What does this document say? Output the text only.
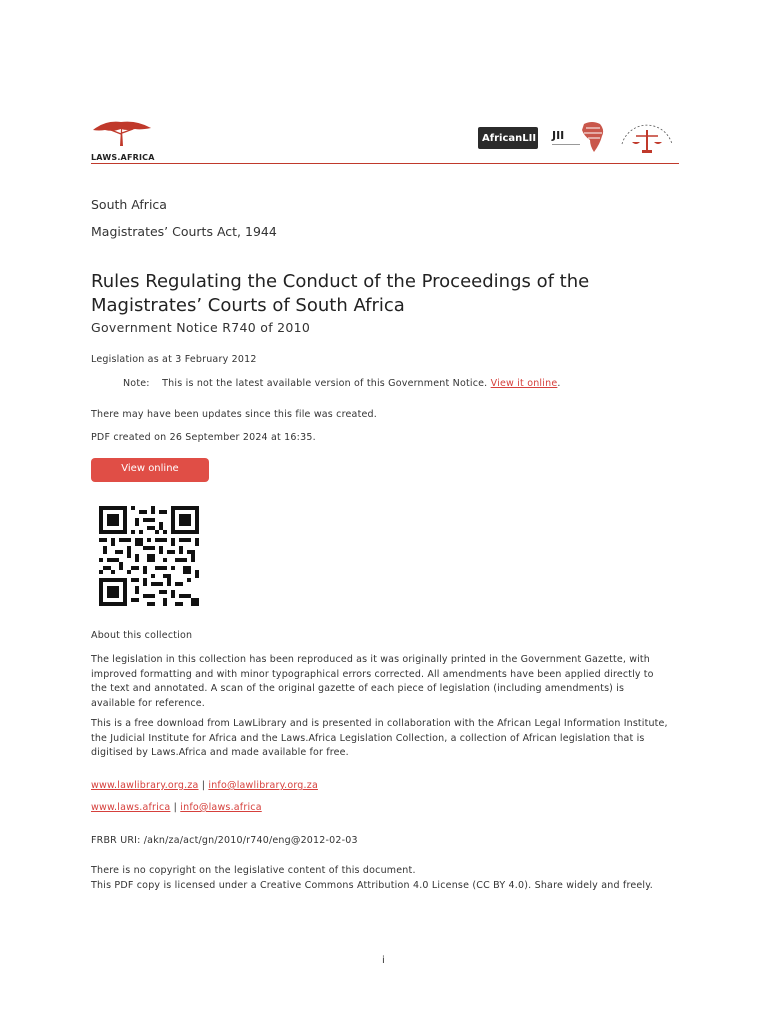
LAWS.AFRICA
AfricanLII JII
South Africa
Magistrates’ Courts Act, 1944
Rules Regulating the Conduct of the Proceedings of the Magistrates’ Courts of South Africa
Government Notice R740 of 2010
Legislation as at 3 February 2012
Note: This is not the latest available version of this Government Notice. View it online.
There may have been updates since this file was created.
PDF created on 26 September 2024 at 16:35.
View online
About this collection
The legislation in this collection has been reproduced as it was originally printed in the Government Gazette, with improved formatting and with minor typographical errors corrected. All amendments have been applied directly to the text and annotated. A scan of the original gazette of each piece of legislation (including amendments) is available for reference.
This is a free download from LawLibrary and is presented in collaboration with the African Legal Information Institute, the Judicial Institute for Africa and the Laws.Africa Legislation Collection, a collection of African legislation that is digitised by Laws.Africa and made available for free.
www.lawlibrary.org.za | info@lawlibrary.org.za
www.laws.africa | info@laws.africa
FRBR URI: /akn/za/act/gn/2010/r740/eng@2012-02-03
There is no copyright on the legislative content of this document.
This PDF copy is licensed under a Creative Commons Attribution 4.0 License (CC BY 4.0). Share widely and freely.
i
